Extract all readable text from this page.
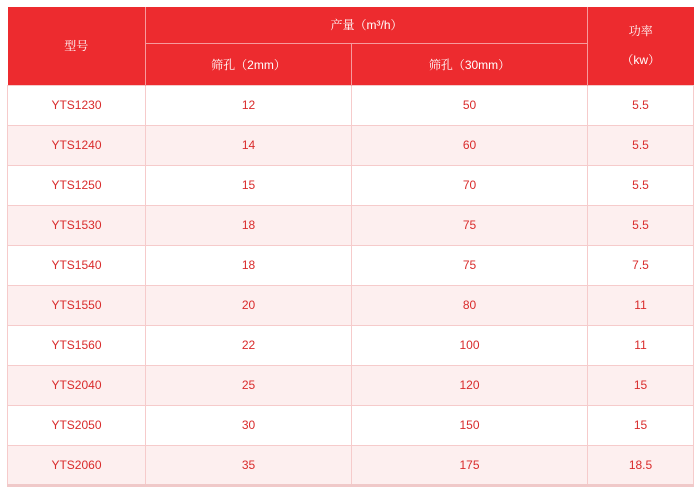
型号	产量（m³/h）		功率
（kw）

	筛孔（2mm）	筛孔（30mm）	
YTS1230	12	50	5.5
YTS1240	14	60	5.5
YTS1250	15	70	5.5
YTS1530	18	75	5.5
YTS1540	18	75	7.5
YTS1550	20	80	11
YTS1560	22	100	11
YTS2040	25	120	15
YTS2050	30	150	15
YTS2060	35	175	18.5
